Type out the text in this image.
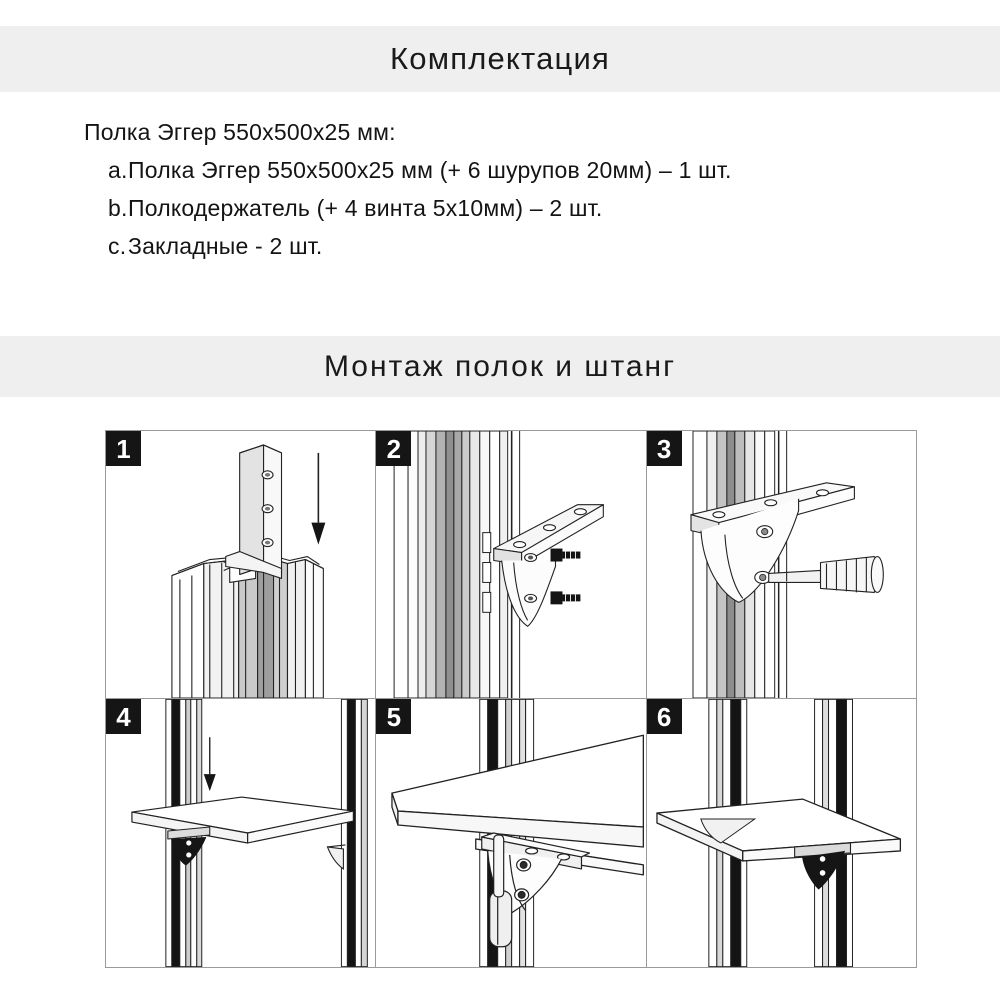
Комплектация
Полка Эггер 550х500х25 мм:
a. Полка Эггер 550х500х25 мм (+ 6 шурупов 20мм) – 1 шт.
b. Полкодержатель (+ 4 винта 5х10мм) – 2 шт.
c. Закладные - 2 шт.
Монтаж полок и штанг
1	2	3
4	5	6
